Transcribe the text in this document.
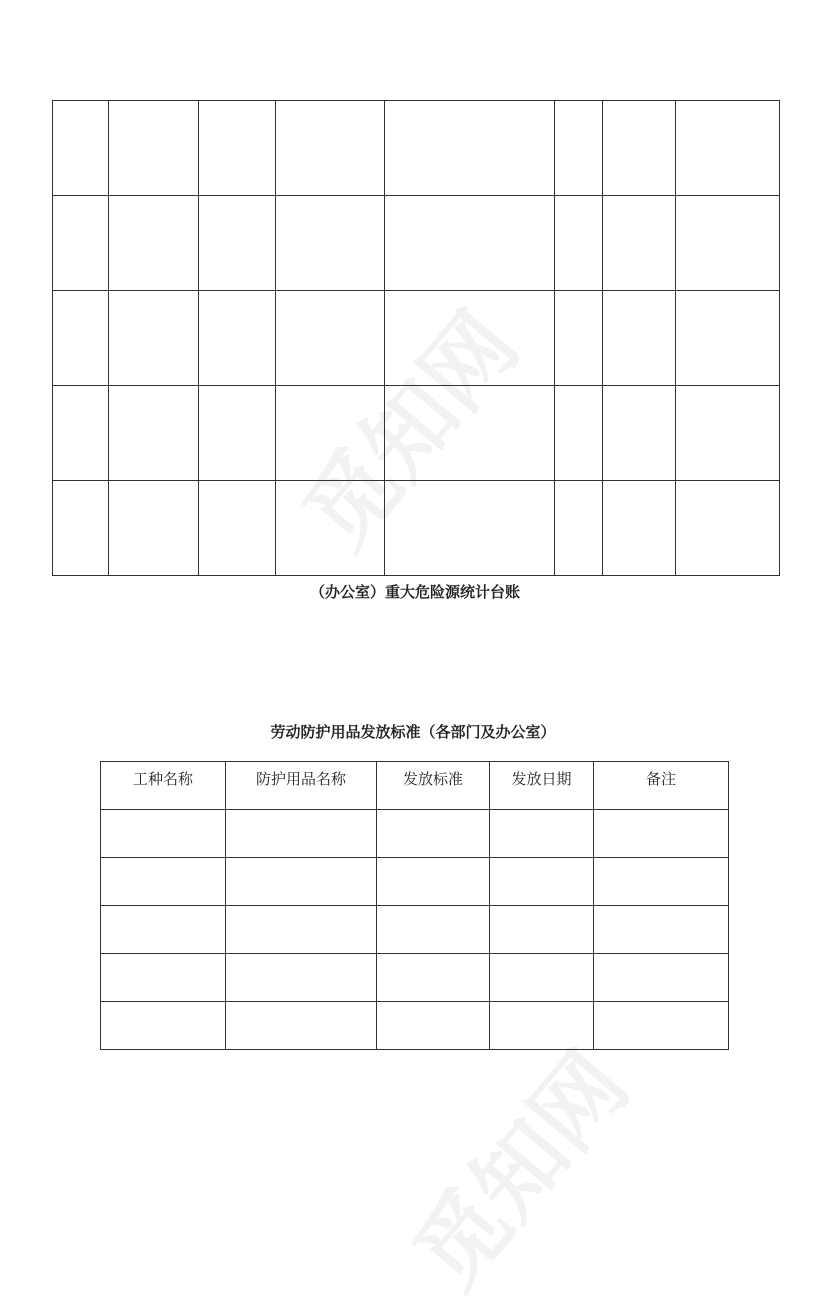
觅知网
觅知网

（办公室）重大危险源统计台账
劳动防护用品发放标准（各部门及办公室）
工种名称	防护用品名称	发放标准	发放日期	备注
